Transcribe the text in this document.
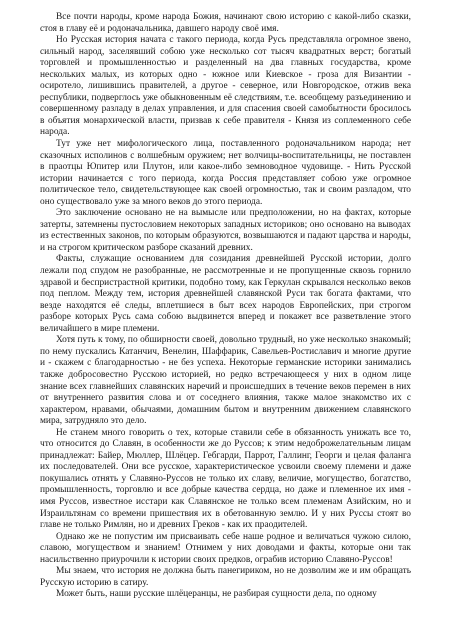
Все почти народы, кроме народа Божия, начинают свою историю с какой-либо сказки, стоя в главу её и родоначальника, давшего народу своё имя.

Но Русская история начата с такого периода, когда Русь представляла огромное звено, сильный народ, заселявший собою уже несколько сот тысяч квадратных верст; богатый торговлей и промышленностью и разделенный на два главных государства, кроме нескольких малых, из которых одно - южное или Киевское - гроза для Византии - осиротело, лишившись правителей, а другое - северное, или Новгородское, отжив века республики, подверглось уже обыкновенным её следствиям, т.е. всеобщему разъединению и совершенному разладу в делах управления, и для спасения своей самобытности бросилось в объятия монархической власти, призвав к себе правителя - Князя из соплеменного себе народа.

Тут уже нет мифологического лица, поставленного родоначальником народа; нет сказочных исполинов с волшебным оружием; нет волчицы-воспитательницы, не поставлен в праотцы Юпитер или Плутон, или какое-либо земноводное чудовище. - Нить Русской истории начинается с того периода, когда Россия представляет собою уже огромное политическое тело, свидетельствующее как своей огромностью, так и своим разладом, что оно существовало уже за много веков до этого периода.

Это заключение основано не на вымысле или предположении, но на фактах, которые затерты, затемнены пустословием некоторых западных историков; оно основано на выводах из естественных законов, по которым образуются, возвышаются и падают царства и народы, и на строгом критическом разборе сказаний древних.

Факты, служащие основанием для созидания древнейшей Русской истории, долго лежали под спудом не разобранные, не рассмотренные и не пропущенные сквозь горнило здравой и беспристрастной критики, подобно тому, как Геркулан скрывался несколько веков под пеплом. Между тем, история древнейшей славянской Руси так богата фактами, что везде находятся её следы, вплетшиеся в быт всех народов Европейских, при строгом разборе которых Русь сама собою выдвинется вперед и покажет все разветвление этого величайшего в мире племени.

Хотя путь к тому, по обширности своей, довольно трудный, но уже несколько знакомый; по нему пускались Катанчич, Венелин, Шаффарик, Савельев-Ростиславич и многие другие и - скажем с благодарностью - не без успеха. Некоторые германские историки занимались также добросовестно Русскою историей, но редко встречающееся у них в одном лице знание всех главнейших славянских наречий и происшедших в течение веков перемен в них от внутреннего развития слова и от соседнего влияния, также малое знакомство их с характером, нравами, обычаями, домашним бытом и внутренним движением славянского мира, затрудняло это дело.

Не станем много говорить о тех, которые ставили себе в обязанность унижать все то, что относится до Славян, в особенности же до Руссов; к этим недоброжелательным лицам принадлежат: Байер, Мюллер, Шлёцер. Гебгарди, Паррот, Галлинг, Георги и целая фаланга их последователей. Они все русское, характеристическое усвоили своему племени и даже покушались отнять у Славяно-Руссов не только их славу, величие, могущество, богатство, промышленность, торговлю и все добрые качества сердца, но даже и племенное их имя - имя Руссов, известное исстари как Славянское не только всем племенам Азийским, но и Израильтянам со времени пришествия их в обетованную землю. И у них Руссы стоят во главе не только Римлян, но и древних Греков - как их праодителей.

Однако же не попустим им присваивать себе наше родное и величаться чужою силою, славою, могуществом и знанием! Отнимем у них доводами и факты, которые они так насильственно приурочили к истории своих предков, ограбив историю Славяно-Руссов!

Мы знаем, что история не должна быть панегириком, но не дозволим же и им обращать Русскую историю в сатиру.

Может быть, наши русские шлёцеранцы, не разбирая сущности дела, по одному
